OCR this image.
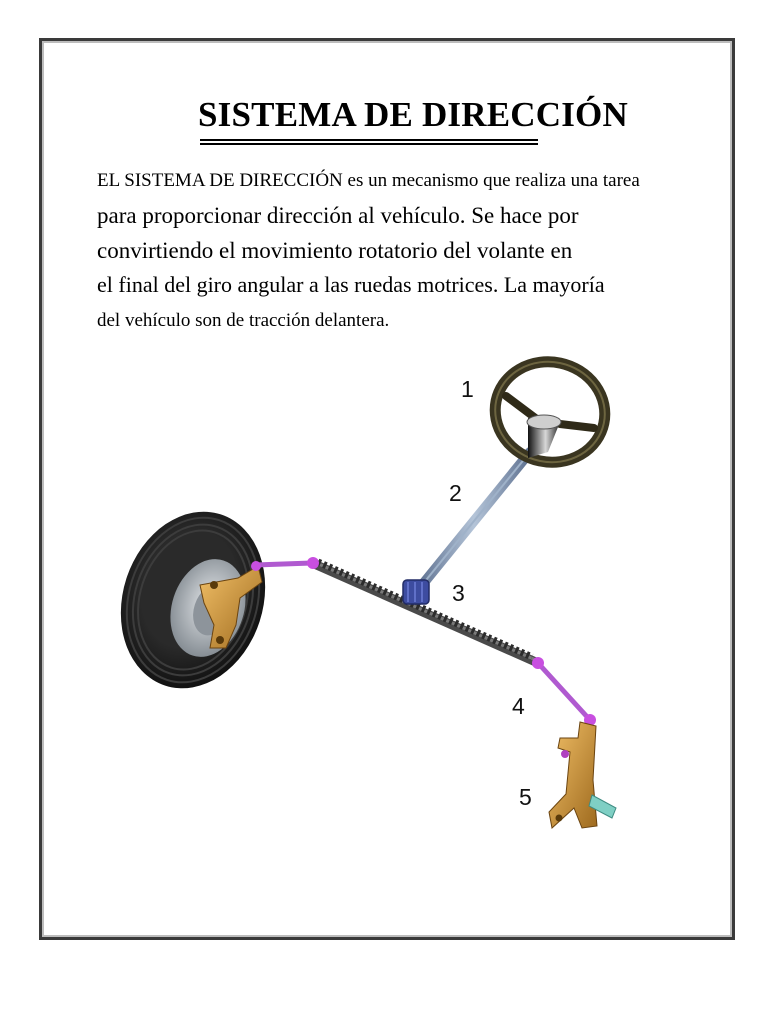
SISTEMA DE DIRECCIÓN
EL SISTEMA DE DIRECCIÓN es un mecanismo que realiza una tarea
para proporcionar dirección al vehículo. Se hace por
convirtiendo el movimiento rotatorio del volante en
el final del giro angular a las ruedas motrices. La mayoría
del vehículo son de tracción delantera.
1
2
3
4
5
